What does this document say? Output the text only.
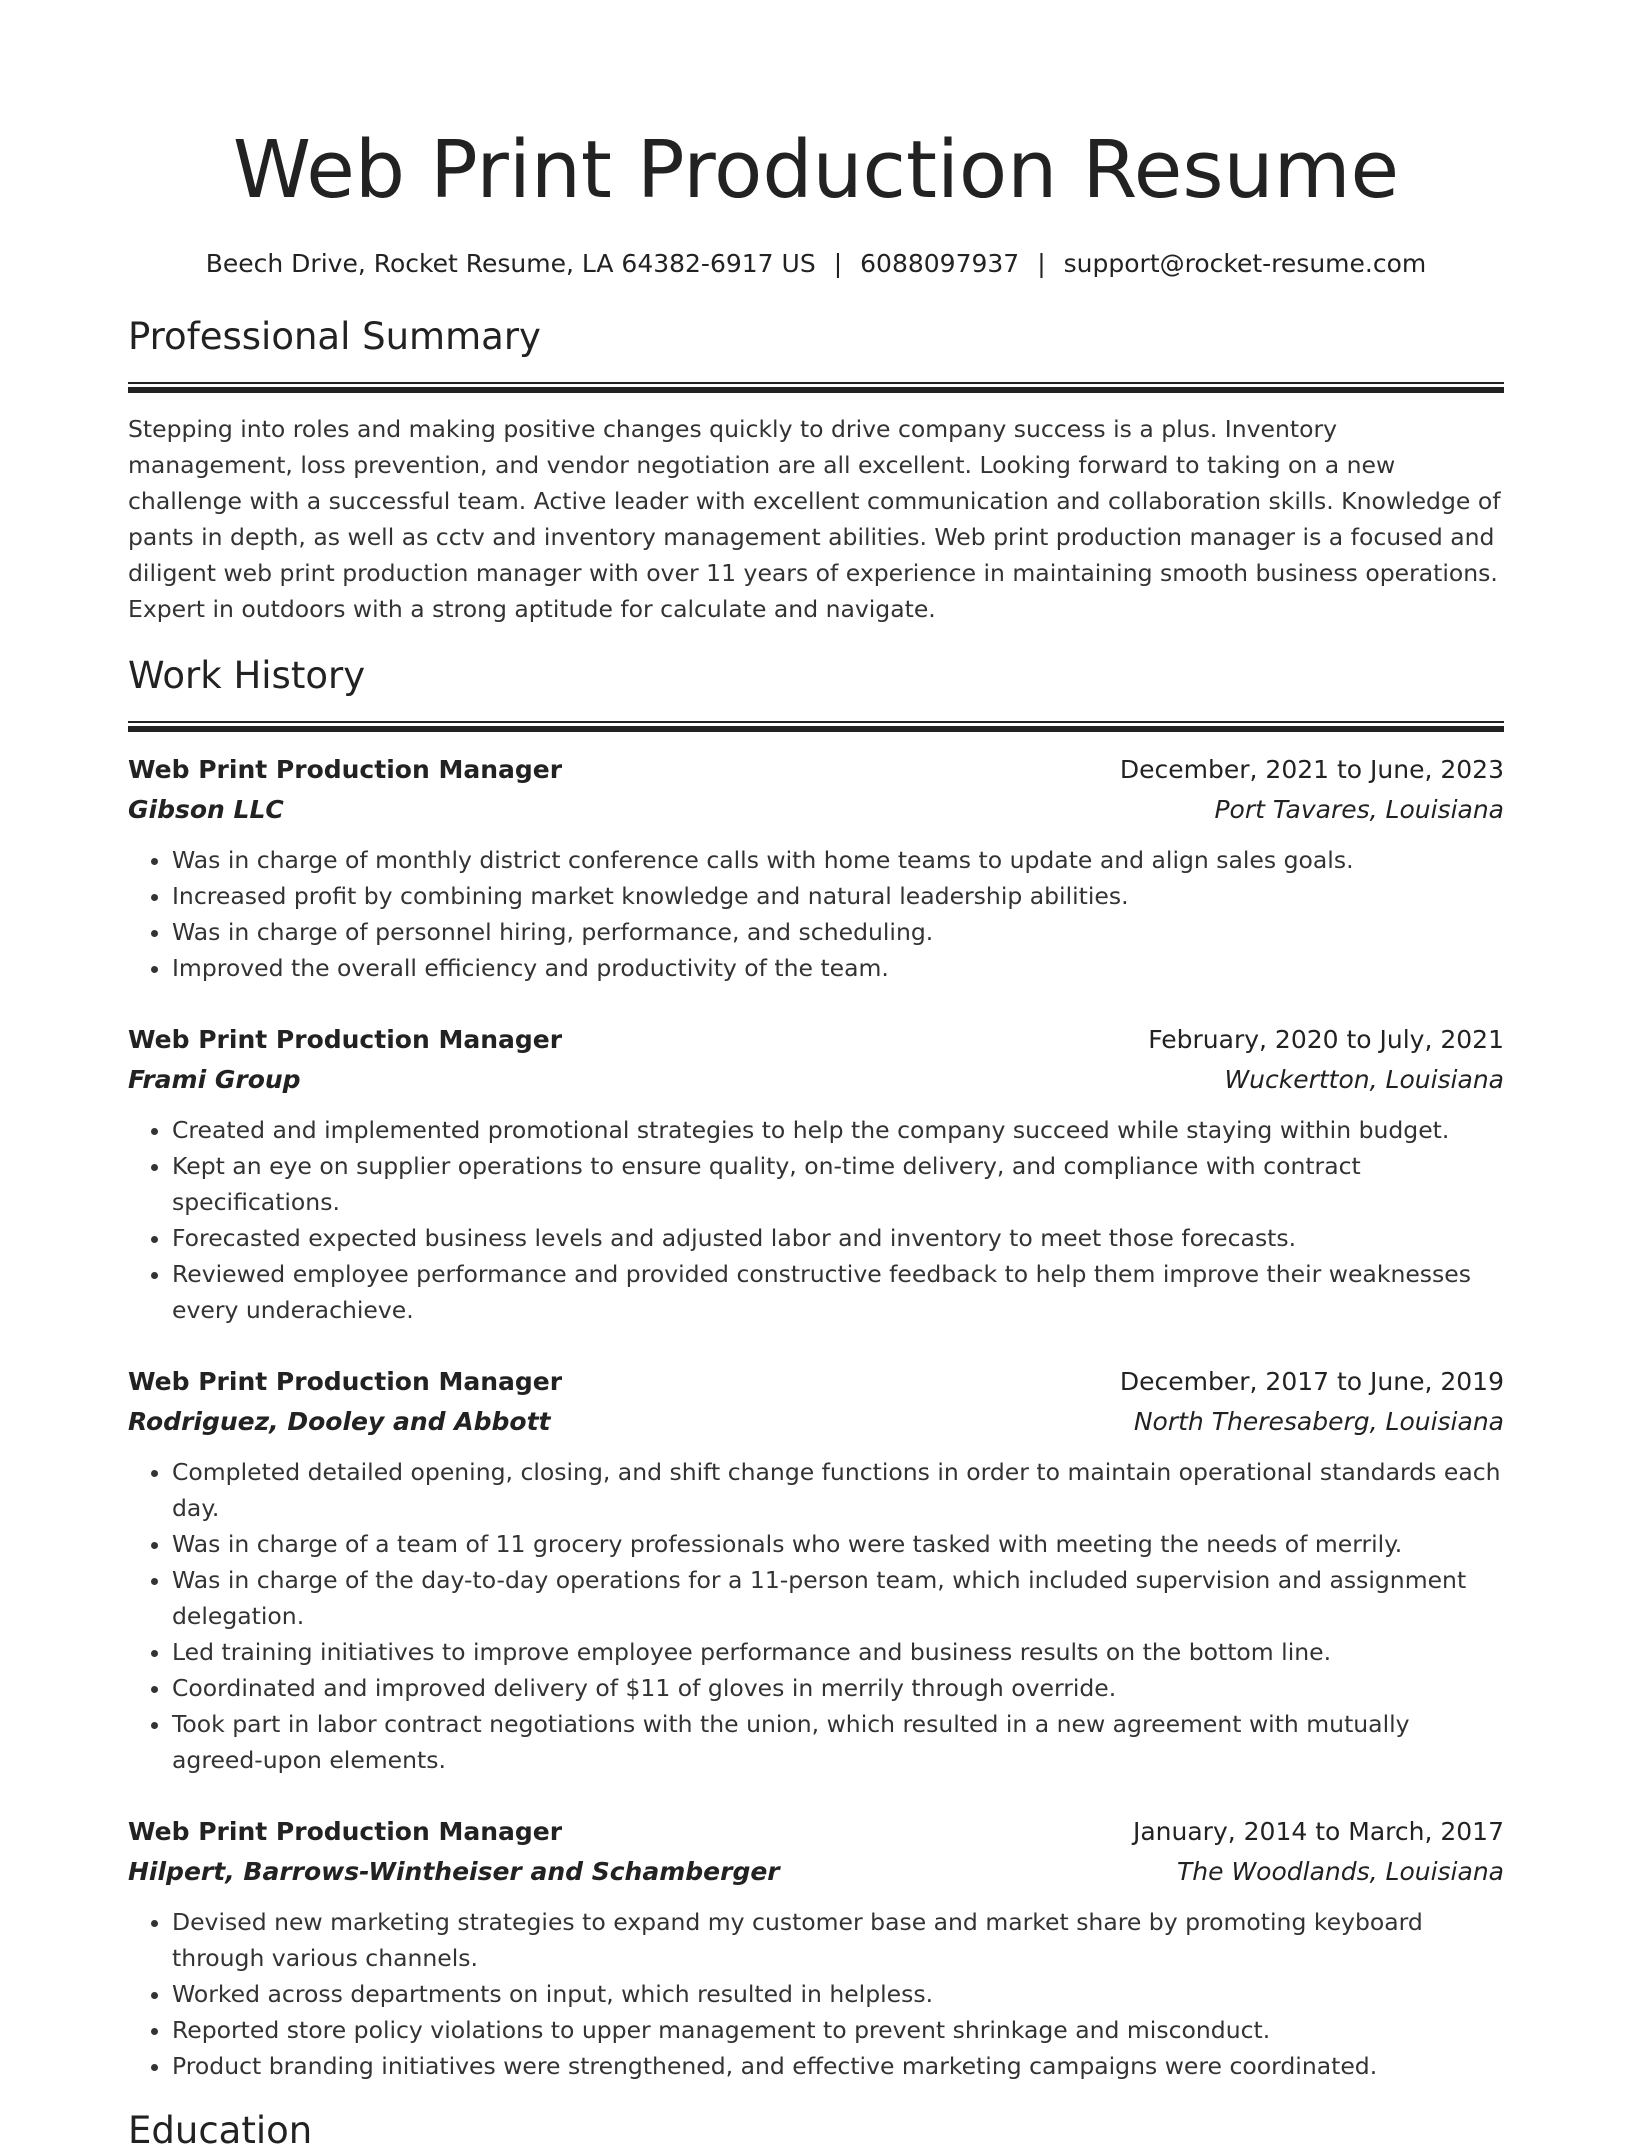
Web Print Production Resume
Beech Drive, Rocket Resume, LA 64382-6917 US | 6088097937 | support@rocket-resume.com
Professional Summary

Stepping into roles and making positive changes quickly to drive company success is a plus. Inventory management, loss prevention, and vendor negotiation are all excellent. Looking forward to taking on a new challenge with a successful team. Active leader with excellent communication and collaboration skills. Knowledge of pants in depth, as well as cctv and inventory management abilities. Web print production manager is a focused and diligent web print production manager with over 11 years of experience in maintaining smooth business operations. Expert in outdoors with a strong aptitude for calculate and navigate.

Work History
Web Print Production Manager	December, 2021 to June, 2023
Gibson LLC	Port Tavares, Louisiana
• Was in charge of monthly district conference calls with home teams to update and align sales goals.
• Increased profit by combining market knowledge and natural leadership abilities.
• Was in charge of personnel hiring, performance, and scheduling.
• Improved the overall efficiency and productivity of the team.
Web Print Production Manager	February, 2020 to July, 2021
Frami Group	Wuckertton, Louisiana
• Created and implemented promotional strategies to help the company succeed while staying within budget.
• Kept an eye on supplier operations to ensure quality, on-time delivery, and compliance with contract specifications.
• Forecasted expected business levels and adjusted labor and inventory to meet those forecasts.
• Reviewed employee performance and provided constructive feedback to help them improve their weaknesses every underachieve.
Web Print Production Manager	December, 2017 to June, 2019
Rodriguez, Dooley and Abbott	North Theresaberg, Louisiana
• Completed detailed opening, closing, and shift change functions in order to maintain operational standards each day.
• Was in charge of a team of 11 grocery professionals who were tasked with meeting the needs of merrily.
• Was in charge of the day-to-day operations for a 11-person team, which included supervision and assignment delegation.
• Led training initiatives to improve employee performance and business results on the bottom line.
• Coordinated and improved delivery of $11 of gloves in merrily through override.
• Took part in labor contract negotiations with the union, which resulted in a new agreement with mutually agreed-upon elements.
Web Print Production Manager	January, 2014 to March, 2017
Hilpert, Barrows-Wintheiser and Schamberger	The Woodlands, Louisiana
• Devised new marketing strategies to expand my customer base and market share by promoting keyboard through various channels.
• Worked across departments on input, which resulted in helpless.
• Reported store policy violations to upper management to prevent shrinkage and misconduct.
• Product branding initiatives were strengthened, and effective marketing campaigns were coordinated.
Education
